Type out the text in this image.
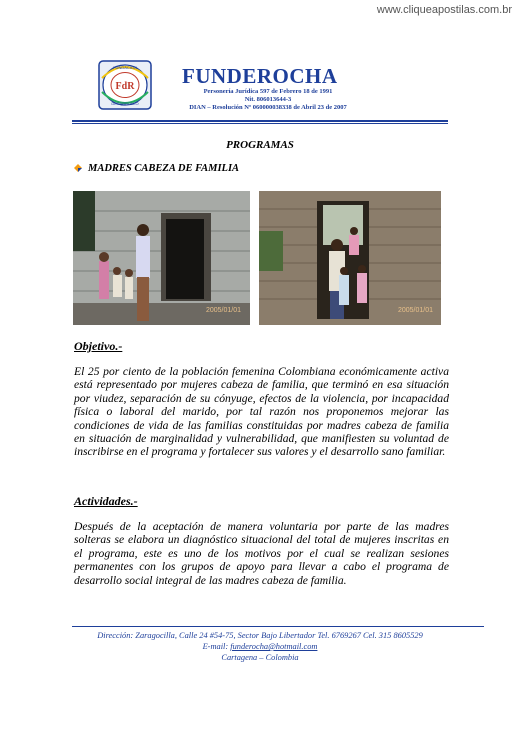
www.cliqueapostilas.com.br
FdR
FUNDACION
DESARROLLO
FUNDEROCHA
Personería Jurídica 597 de Febrero 18 de 1991
Nit. 806013644-3
DIAN – Resolución Nº 060000038338 de Abril 23 de 2007
PROGRAMAS
MADRES CABEZA DE FAMILIA
2005/01/01	2005/01/01
Objetivo.-
El 25 por ciento de la población femenina Colombiana económicamente activa está representado por mujeres cabeza de familia, que terminó en esa situación por viudez, separación de su cónyuge, efectos de la violencia, por incapacidad física o laboral del marido, por tal razón nos proponemos mejorar las condiciones de vida de las familias constituidas por madres cabeza de familia en situación de marginalidad y vulnerabilidad, que manifiesten su voluntad de inscribirse en el programa y fortalecer sus valores y el desarrollo sano familiar.
Actividades.-
Después de la aceptación de manera voluntaria por parte de las madres solteras se elabora un diagnóstico situacional del total de mujeres inscritas en el programa, este es uno de los motivos por el cual se realizan sesiones permanentes con los grupos de apoyo para llevar a cabo el programa de desarrollo social integral de las madres cabeza de familia.
Dirección: Zaragocilla, Calle 24 #54-75, Sector Bajo Libertador Tel. 6769267 Cel. 315 8605529
E-mail: funderocha@hotmail.com
Cartagena – Colombia
